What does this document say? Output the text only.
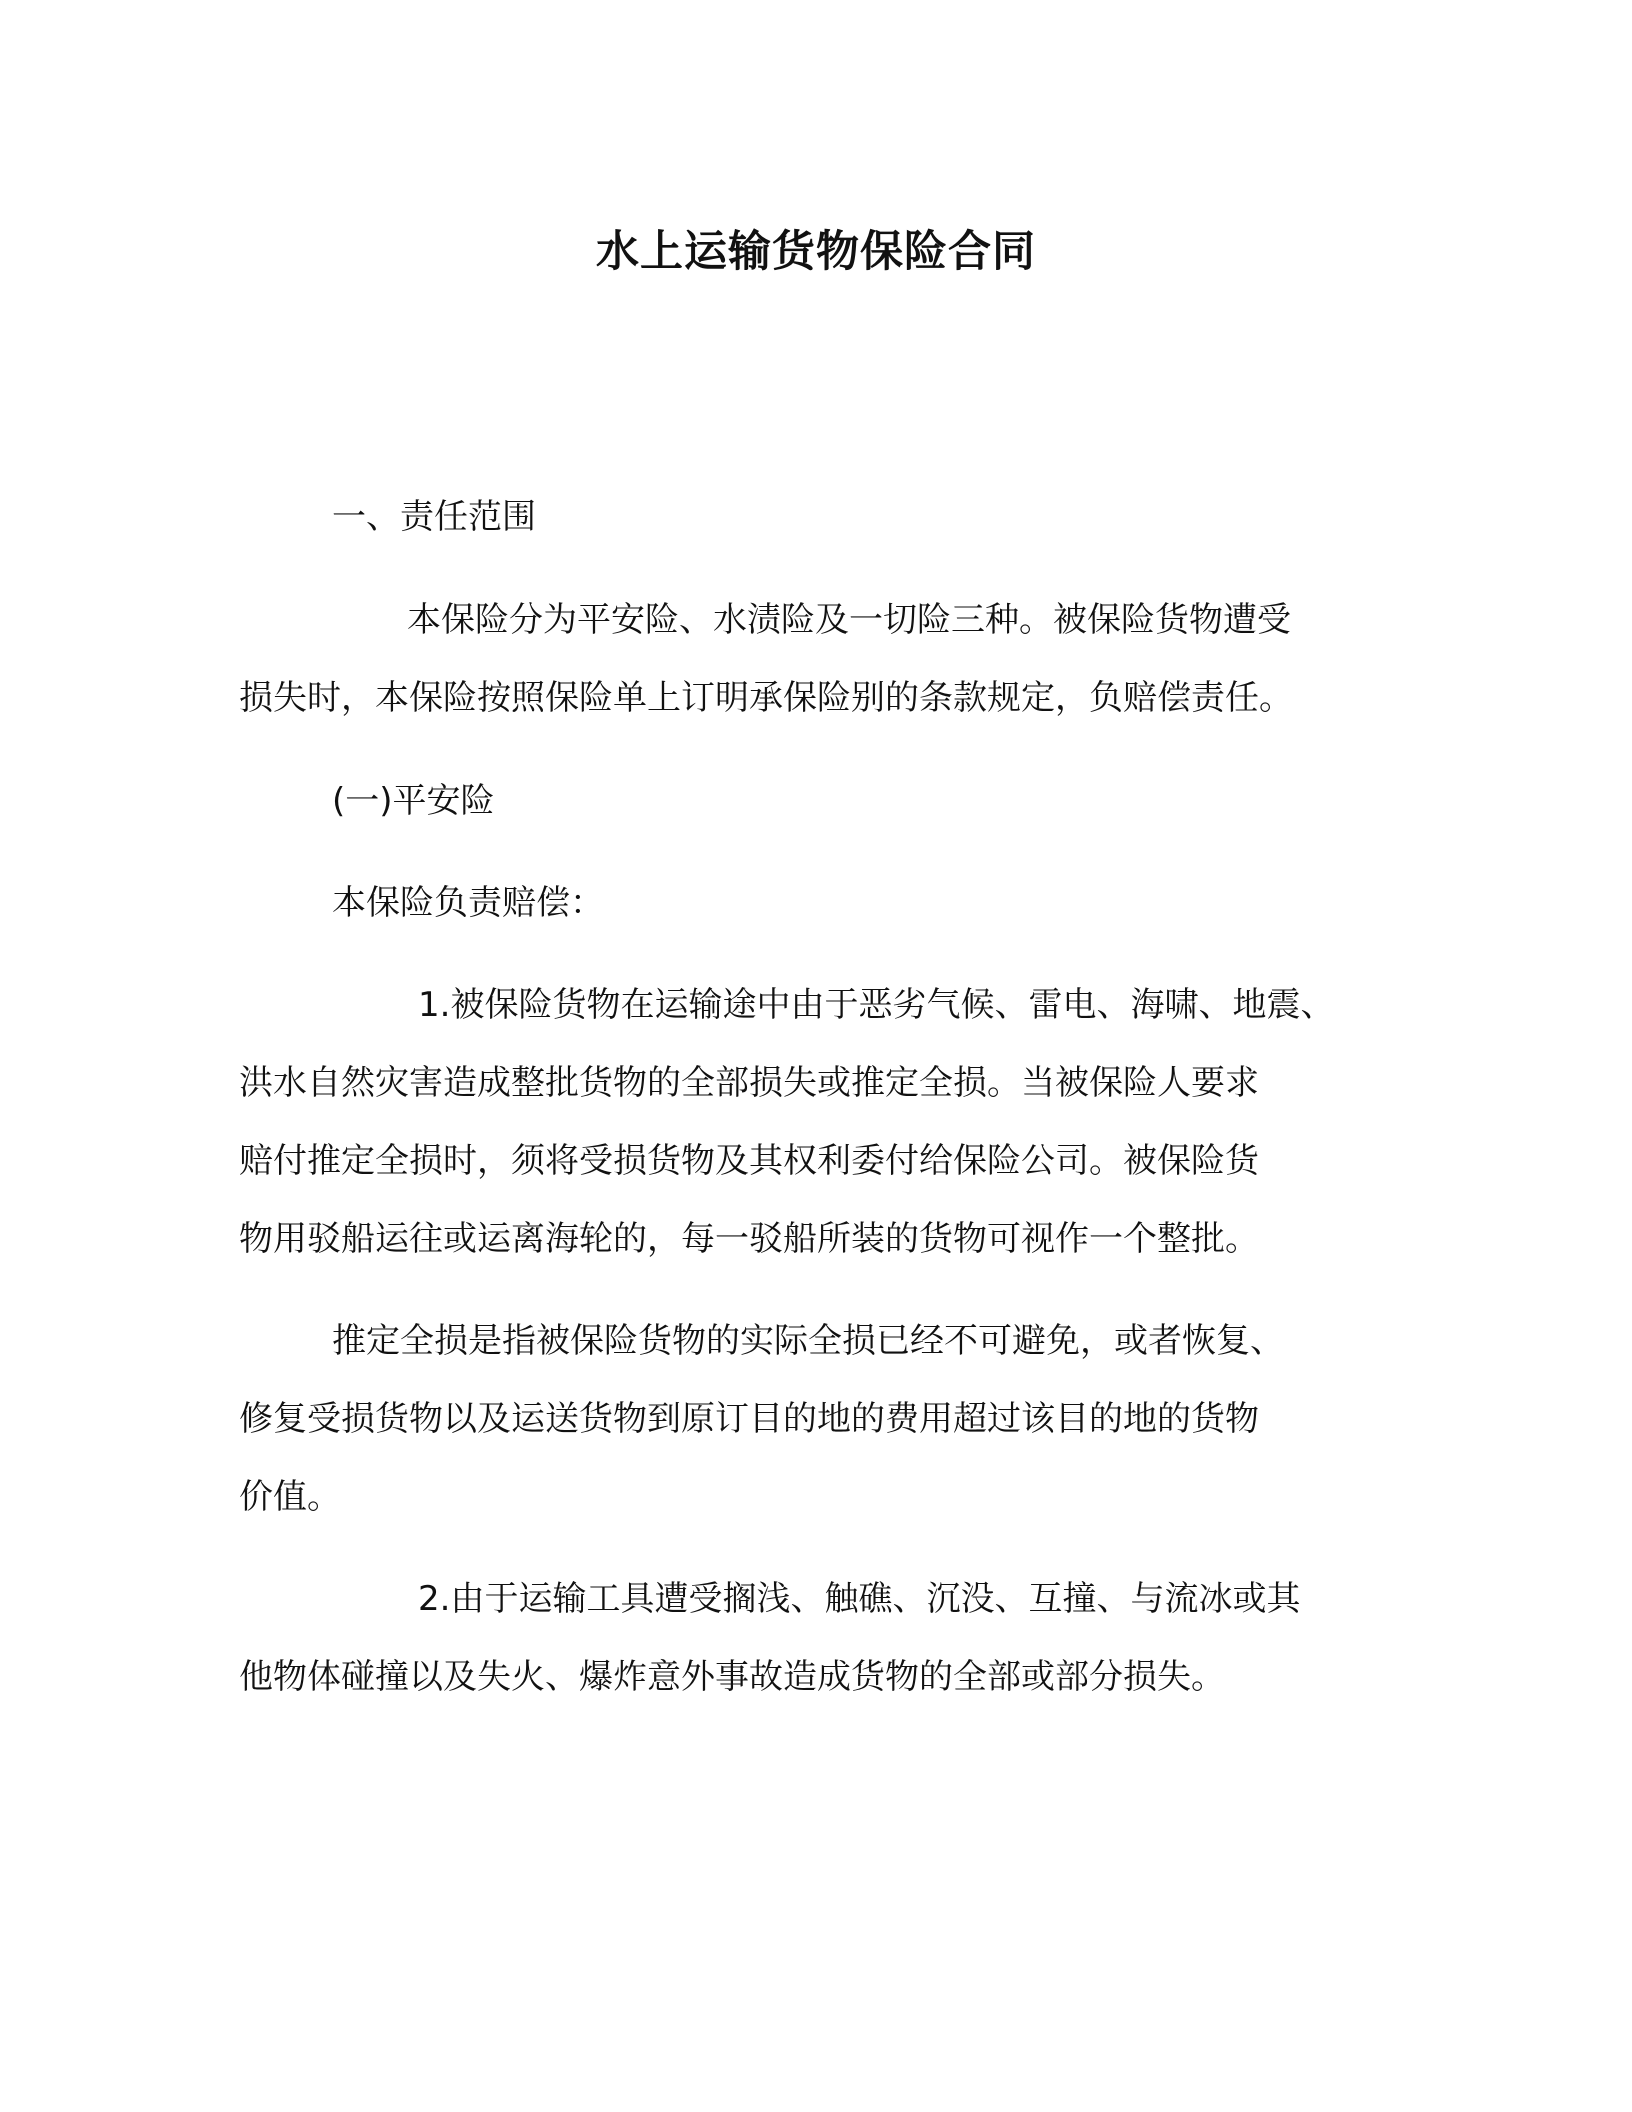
水上运输货物保险合同

一、责任范围

本保险分为平安险、水渍险及一切险三种。被保险货物遭受

损失时，本保险按照保险单上订明承保险别的条款规定，负赔偿责任。

(一)平安险

本保险负责赔偿：

1.被保险货物在运输途中由于恶劣气候、雷电、海啸、地震、

洪水自然灾害造成整批货物的全部损失或推定全损。当被保险人要求

赔付推定全损时，须将受损货物及其权利委付给保险公司。被保险货

物用驳船运往或运离海轮的，每一驳船所装的货物可视作一个整批。

推定全损是指被保险货物的实际全损已经不可避免，或者恢复、

修复受损货物以及运送货物到原订目的地的费用超过该目的地的货物

价值。

2.由于运输工具遭受搁浅、触礁、沉没、互撞、与流冰或其

他物体碰撞以及失火、爆炸意外事故造成货物的全部或部分损失。
